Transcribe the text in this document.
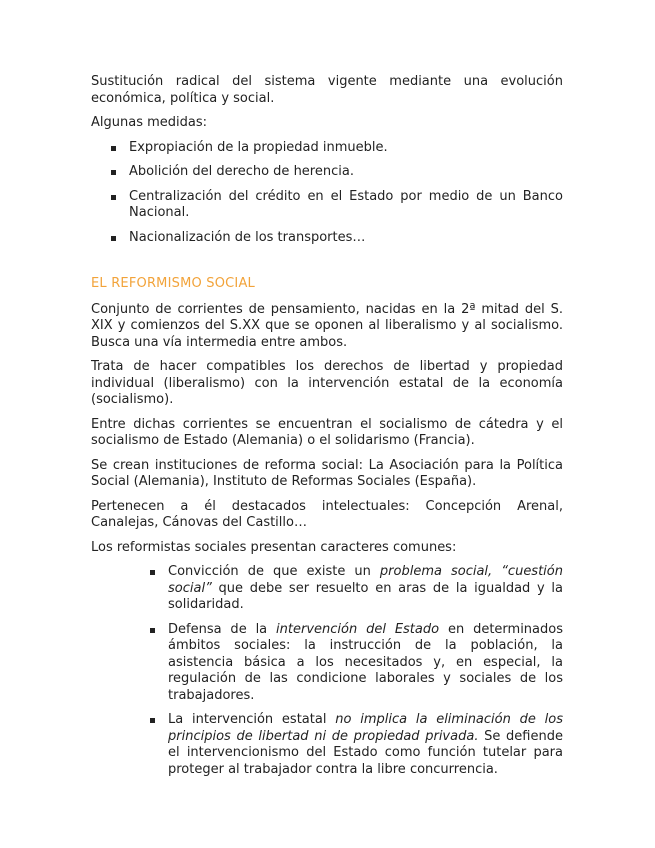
Sustitución radical del sistema vigente mediante una evolución económica, política y social.

Algunas medidas:

Expropiación de la propiedad inmueble.
Abolición del derecho de herencia.
Centralización del crédito en el Estado por medio de un Banco Nacional.
Nacionalización de los transportes…
EL REFORMISMO SOCIAL

Conjunto de corrientes de pensamiento, nacidas en la 2ª mitad del S. XIX y comienzos del S.XX que se oponen al liberalismo y al socialismo. Busca una vía intermedia entre ambos.

Trata de hacer compatibles los derechos de libertad y propiedad individual (liberalismo) con la intervención estatal de la economía (socialismo).

Entre dichas corrientes se encuentran el socialismo de cátedra y el socialismo de Estado (Alemania) o el solidarismo (Francia).

Se crean instituciones de reforma social: La Asociación para la Política Social (Alemania), Instituto de Reformas Sociales (España).

Pertenecen a él destacados intelectuales: Concepción Arenal, Canalejas, Cánovas del Castillo…

Los reformistas sociales presentan caracteres comunes:

Convicción de que existe un problema social, “cuestión social” que debe ser resuelto en aras de la igualdad y la solidaridad.
Defensa de la intervención del Estado en determinados ámbitos sociales: la instrucción de la población, la asistencia básica a los necesitados y, en especial, la regulación de las condicione laborales y sociales de los trabajadores.
La intervención estatal no implica la eliminación de los principios de libertad ni de propiedad privada. Se defiende el intervencionismo del Estado como función tutelar para proteger al trabajador contra la libre concurrencia.
